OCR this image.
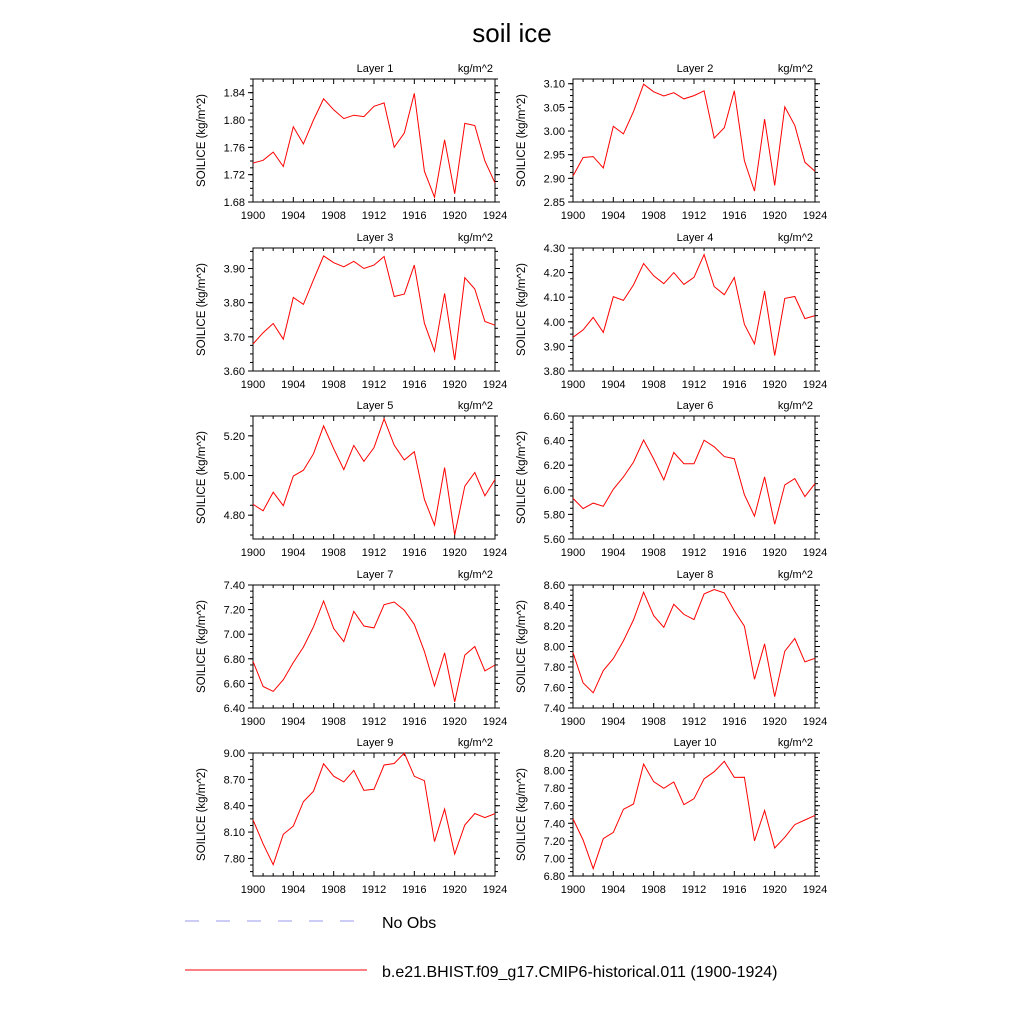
soil ice
1900 1904 1908 1912 1916 1920 1924
1.68
1.72
1.76
1.80
1.84
Layer 1	kg/m^2
SOILICE (kg/m^2)
1900 1904 1908 1912 1916 1920 1924
2.85
2.90
2.95
3.00
3.05
3.10
Layer 2	kg/m^2
SOILICE (kg/m^2)
1900 1904 1908 1912 1916 1920 1924
3.60
3.70
3.80
3.90
Layer 3	kg/m^2
SOILICE (kg/m^2)
1900 1904 1908 1912 1916 1920 1924
3.80
3.90
4.00
4.10
4.20
4.30
Layer 4	kg/m^2
SOILICE (kg/m^2)
1900 1904 1908 1912 1916 1920 1924
4.80
5.00
5.20
Layer 5	kg/m^2
SOILICE (kg/m^2)
1900 1904 1908 1912 1916 1920 1924
5.60
5.80
6.00
6.20
6.40
6.60
Layer 6	kg/m^2
SOILICE (kg/m^2)
1900 1904 1908 1912 1916 1920 1924
6.40
6.60
6.80
7.00
7.20
7.40
Layer 7	kg/m^2
SOILICE (kg/m^2)
1900 1904 1908 1912 1916 1920 1924
7.40
7.60
7.80
8.00
8.20
8.40
8.60
Layer 8	kg/m^2
SOILICE (kg/m^2)
1900 1904 1908 1912 1916 1920 1924
7.80
8.10
8.40
8.70
9.00
Layer 9	kg/m^2
SOILICE (kg/m^2)
1900 1904 1908 1912 1916 1920 1924
6.80
7.00
7.20
7.40
7.60
7.80
8.00
8.20
Layer 10	kg/m^2
SOILICE (kg/m^2)
No Obs
b.e21.BHIST.f09_g17.CMIP6-historical.011 (1900-1924)
